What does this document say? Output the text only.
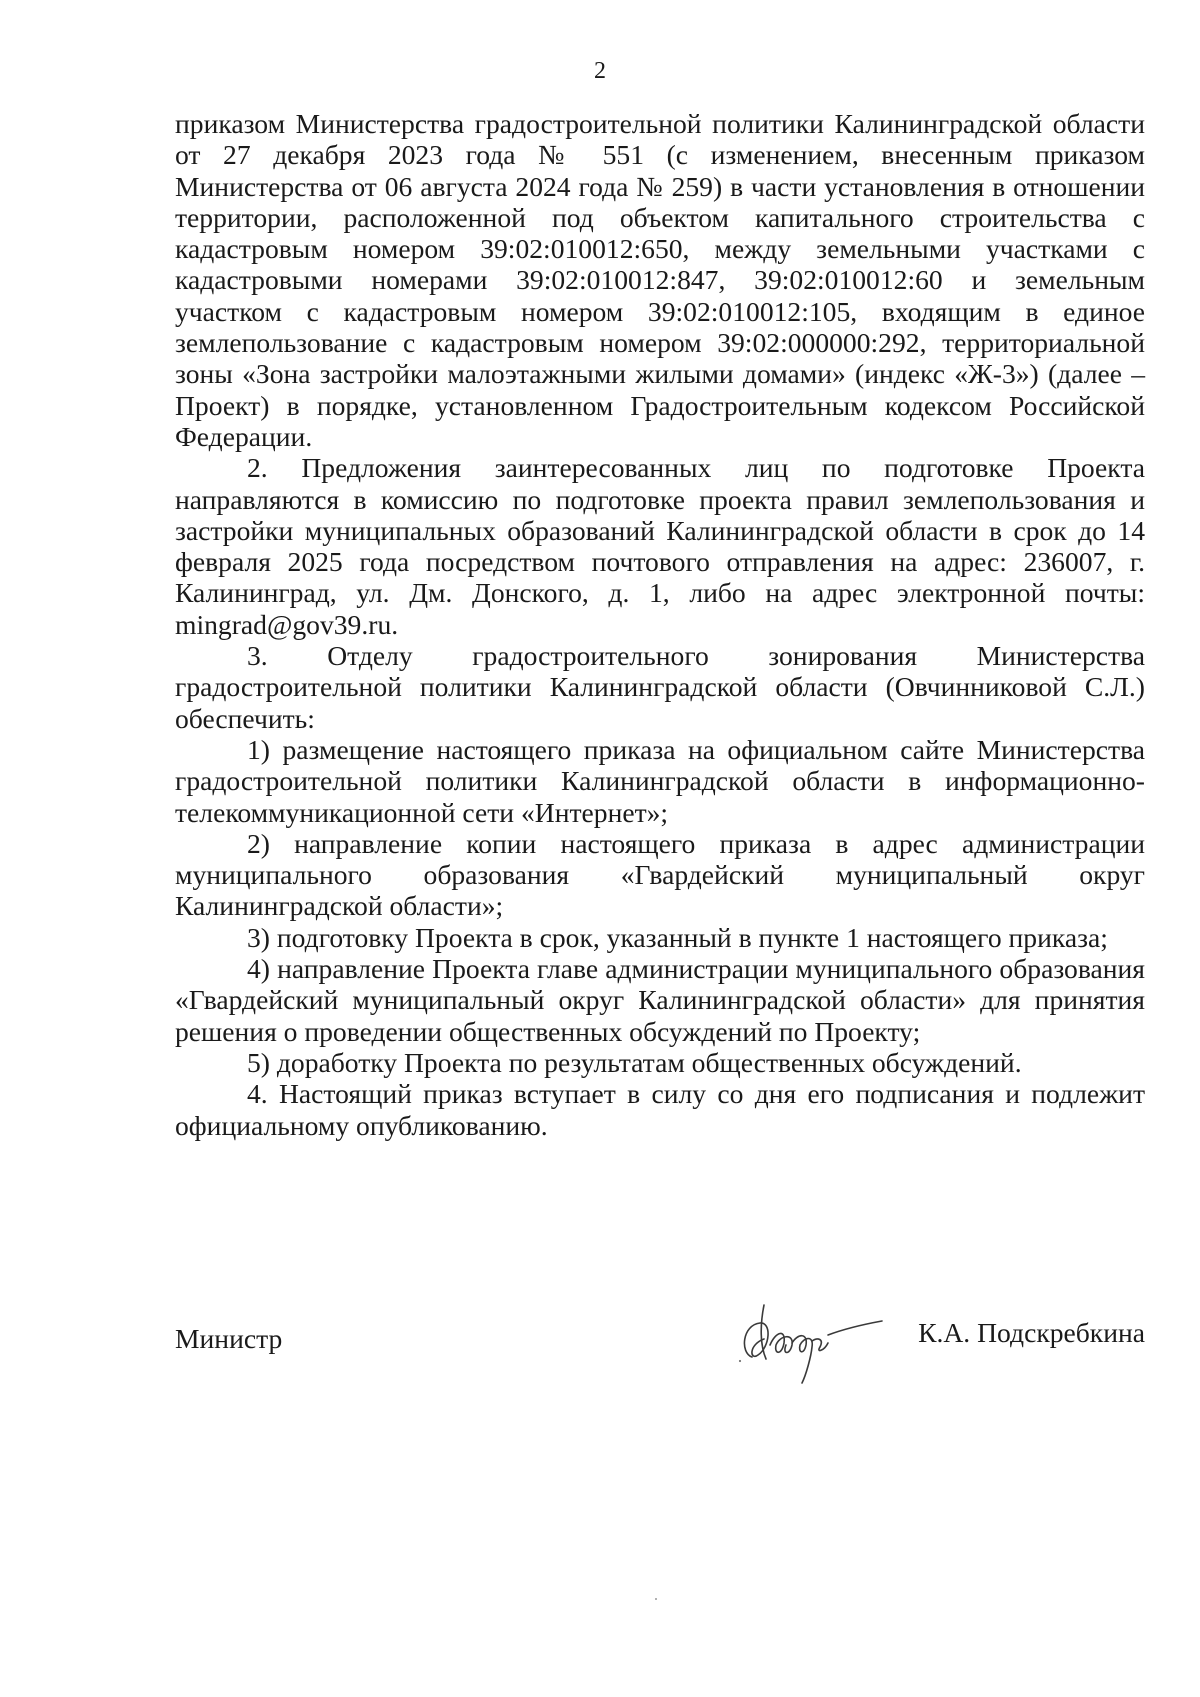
2

приказом Министерства градостроительной политики Калининградской области от 27 декабря 2023 года № 551 (с изменением, внесенным приказом Министерства от 06 августа 2024 года № 259) в части установления в отношении территории, расположенной под объектом капитального строительства с кадастровым номером 39:02:010012:650, между земельными участками с кадастровыми номерами 39:02:010012:847, 39:02:010012:60 и земельным участком с кадастровым номером 39:02:010012:105, входящим в единое землепользование с кадастровым номером 39:02:000000:292, территориальной зоны «Зона застройки малоэтажными жилыми домами» (индекс «Ж-3») (далее – Проект) в порядке, установленном Градостроительным кодексом Российской Федерации.

2. Предложения заинтересованных лиц по подготовке Проекта направляются в комиссию по подготовке проекта правил землепользования и застройки муниципальных образований Калининградской области в срок до 14 февраля 2025 года посредством почтового отправления на адрес: 236007, г. Калининград, ул. Дм. Донского, д. 1, либо на адрес электронной почты: mingrad@gov39.ru.

3. Отделу градостроительного зонирования Министерства градостроительной политики Калининградской области (Овчинниковой С.Л.) обеспечить:

1) размещение настоящего приказа на официальном сайте Министерства градостроительной политики Калининградской области в информационно-телекоммуникационной сети «Интернет»;

2) направление копии настоящего приказа в адрес администрации муниципального образования «Гвардейский муниципальный округ Калининградской области»;

3) подготовку Проекта в срок, указанный в пункте 1 настоящего приказа;

4) направление Проекта главе администрации муниципального образования «Гвардейский муниципальный округ Калининградской области» для принятия решения о проведении общественных обсуждений по Проекту;

5) доработку Проекта по результатам общественных обсуждений.

4. Настоящий приказ вступает в силу со дня его подписания и подлежит официальному опубликованию.

Министр	К.А. Подскребкина
